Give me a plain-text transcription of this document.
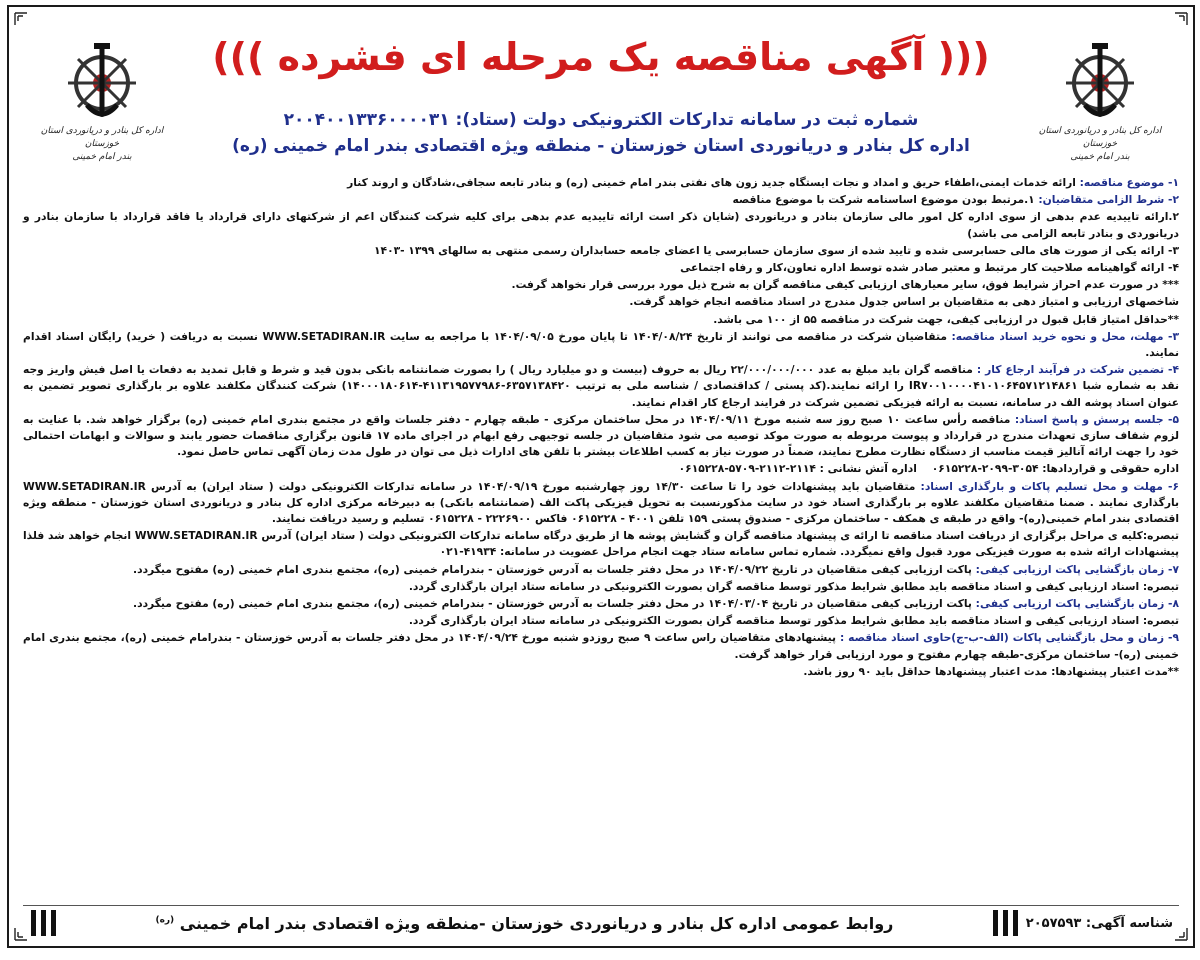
اداره کل بنادر و دریانوردی استان خوزستان
بندر امام خمینی
اداره کل بنادر و دریانوردی استان خوزستان
بندر امام خمینی
((( آگهی مناقصه یک مرحله ای فشرده )))
شماره ثبت در سامانه تدارکات الکترونیکی دولت (ستاد): ۲۰۰۴۰۰۱۳۳۶۰۰۰۰۳۱
اداره کل بنادر و دریانوردی استان خوزستان - منطقه ویژه اقتصادی بندر امام خمینی (ره)

۱- موضوع مناقصه: ارائه خدمات ایمنی،اطفاء حریق و امداد و نجات ایستگاه جدید زون های نفتی بندر امام خمینی (ره) و بنادر تابعه سجافی،شادگان و اروند کنار

۲- شرط الزامی متقاضیان: ۱.مرتبط بودن موضوع اساسنامه شرکت با موضوع مناقصه

۲.ارائه تاییدیه عدم بدهی از سوی اداره کل امور مالی سازمان بنادر و دریانوردی (شایان ذکر است ارائه تاییدیه عدم بدهی برای کلیه شرکت کنندگان اعم از شرکتهای دارای قرارداد یا فاقد قرارداد با سازمان بنادر و دریانوردی و بنادر تابعه الزامی می باشد)

۳- ارائه یکی از صورت های مالی حسابرسی شده و تایید شده از سوی سازمان حسابرسی یا اعضای جامعه حسابداران رسمی منتهی به سالهای ۱۳۹۹ -۱۴۰۳

۴- ارائه گواهینامه صلاحیت کار مرتبط و معتبر صادر شده توسط اداره تعاون،کار و رفاه اجتماعی

*** در صورت عدم احراز شرایط فوق، سایر معیارهای ارزیابی کیفی مناقصه گران به شرح ذیل مورد بررسی قرار نخواهد گرفت.

شاخصهای ارزیابی و امتیاز دهی به متقاضیان بر اساس جدول مندرج در اسناد مناقصه انجام خواهد گرفت.

**حداقل امتیاز قابل قبول در ارزیابی کیفی، جهت شرکت در مناقصه ۵۵ از ۱۰۰ می باشد.

۳- مهلت، محل و نحوه خرید اسناد مناقصه: متقاضیان شرکت در مناقصه می توانند از تاریخ ۱۴۰۴/۰۸/۲۴ تا پایان مورخ ۱۴۰۴/۰۹/۰۵ با مراجعه به سایت WWW.SETADIRAN.IR نسبت به دریافت ( خرید) رایگان اسناد اقدام نمایند.

۴- تضمین شرکت در فرآیند ارجاع کار : مناقصه گران باید مبلغ به عدد ۲۲/۰۰۰/۰۰۰/۰۰۰ ریال به حروف (بیست و دو میلیارد ریال ) را بصورت ضمانتنامه بانکی بدون قید و شرط و قابل تمدید به دفعات یا اصل فیش واریز وجه نقد به شماره شبا IR۷۰۰۱۰۰۰۰۴۱۰۱۰۶۴۵۷۱۲۱۴۸۶۱ را ارائه نمایند.(کد پستی / کداقتصادی / شناسه ملی به ترتیب ۶۳۵۷۱۳۸۴۲۰-۴۱۱۳۱۹۵۷۷۹۸۶-۱۴۰۰۰۱۸۰۶۱۴) شرکت کنندگان مکلفند علاوه بر بارگذاری تصویر تضمین به عنوان اسناد پوشه الف در سامانه، نسبت به ارائه فیزیکی تضمین شرکت در فرایند ارجاع کار اقدام نمایند.

۵- جلسه پرسش و پاسخ اسناد: مناقصه رأس ساعت ۱۰ صبح روز سه شنبه مورخ ۱۴۰۴/۰۹/۱۱ در محل ساختمان مرکزی - طبقه چهارم - دفتر جلسات واقع در مجتمع بندری امام خمینی (ره) برگزار خواهد شد. با عنایت به لزوم شفاف سازی تعهدات مندرج در قرارداد و پیوست مربوطه به صورت موکد توصیه می شود متقاضیان در جلسه توجیهی رفع ابهام در اجرای ماده ۱۷ قانون برگزاری مناقصات حضور یابند و سوالات و ابهامات احتمالی خود را جهت ارائه آنالیز قیمت مناسب از دستگاه نظارت مطرح نمایند، ضمناً در صورت نیاز به کسب اطلاعات بیشتر با تلفن های ادارات ذیل می توان در طول مدت زمان آگهی تماس حاصل نمود.

اداره حقوقی و قراردادها: ۳۰۵۴-۲۰۹۹-۰۶۱۵۲۲۸    اداره آتش نشانی : ۲۱۱۴-۲۱۱۲-۵۷۰۹-۰۶۱۵۲۲۸

۶- مهلت و محل تسلیم پاکات و بارگذاری اسناد: متقاضیان باید پیشنهادات خود را تا ساعت ۱۴/۳۰ روز چهارشنبه مورخ ۱۴۰۴/۰۹/۱۹ در سامانه تدارکات الکترونیکی دولت ( ستاد ایران) به آدرس WWW.SETADIRAN.IR بارگذاری نمایند . ضمنا متقاضیان مکلفند علاوه بر بارگذاری اسناد خود در سایت مذکورنسبت به تحویل فیزیکی پاکت الف (ضمانتنامه بانکی) به دبیرخانه مرکزی اداره کل بنادر و دریانوردی استان خوزستان - منطقه ویژه اقتصادی بندر امام خمینی(ره)- واقع در طبقه ی همکف - ساختمان مرکزی - صندوق پستی ۱۵۹ تلفن ۴۰۰۱ - ۰۶۱۵۲۲۸ فاکس ۲۲۲۶۹۰۰ - ۰۶۱۵۲۲۸ تسلیم و رسید دریافت نمایند.

تبصره:کلیه ی مراحل برگزاری از دریافت اسناد مناقصه تا ارائه ی پیشنهاد مناقصه گران و گشایش پوشه ها از طریق درگاه سامانه تدارکات الکترونیکی دولت ( ستاد ایران) آدرس WWW.SETADIRAN.IR انجام خواهد شد فلذا پیشنهادات ارائه شده به صورت فیزیکی مورد قبول واقع نمیگردد. شماره تماس سامانه ستاد جهت انجام مراحل عضویت در سامانه: ۴۱۹۳۴-۰۲۱

۷- زمان بازگشایی پاکت ارزیابی کیفی: پاکت ارزیابی کیفی متقاضیان در تاریخ ۱۴۰۴/۰۹/۲۲ در محل دفتر جلسات به آدرس خوزستان - بندرامام خمینی (ره)، مجتمع بندری امام خمینی (ره) مفتوح میگردد.

تبصره: اسناد ارزیابی کیفی و اسناد مناقصه باید مطابق شرایط مذکور توسط مناقصه گران بصورت الکترونیکی در سامانه ستاد ایران بارگذاری گردد.

۸- زمان بازگشایی پاکت ارزیابی کیفی: پاکت ارزیابی کیفی متقاضیان در تاریخ ۱۴۰۴/۰۳/۰۴ در محل دفتر جلسات به آدرس خوزستان - بندرامام خمینی (ره)، مجتمع بندری امام خمینی (ره) مفتوح میگردد.

تبصره: اسناد ارزیابی کیفی و اسناد مناقصه باید مطابق شرایط مذکور توسط مناقصه گران بصورت الکترونیکی در سامانه ستاد ایران بارگذاری گردد.

۹- زمان و محل بازگشایی پاکات (الف-ب-ج)حاوی اسناد مناقصه : پیشنهادهای متقاضیان راس ساعت ۹ صبح روزدو شنبه مورخ ۱۴۰۴/۰۹/۲۴ در محل دفتر جلسات به آدرس خوزستان - بندرامام خمینی (ره)، مجتمع بندری امام خمینی (ره)- ساختمان مرکزی-طبقه چهارم مفتوح و مورد ارزیابی قرار خواهد گرفت.

**مدت اعتبار پیشنهادها: مدت اعتبار پیشنهادها حداقل باید ۹۰ روز باشد.

شناسه آگهی: ۲۰۵۷۵۹۳
روابط عمومی اداره کل بنادر و دریانوردی خوزستان -منطقه ویژه اقتصادی بندر امام خمینی $^{(ره)}$
